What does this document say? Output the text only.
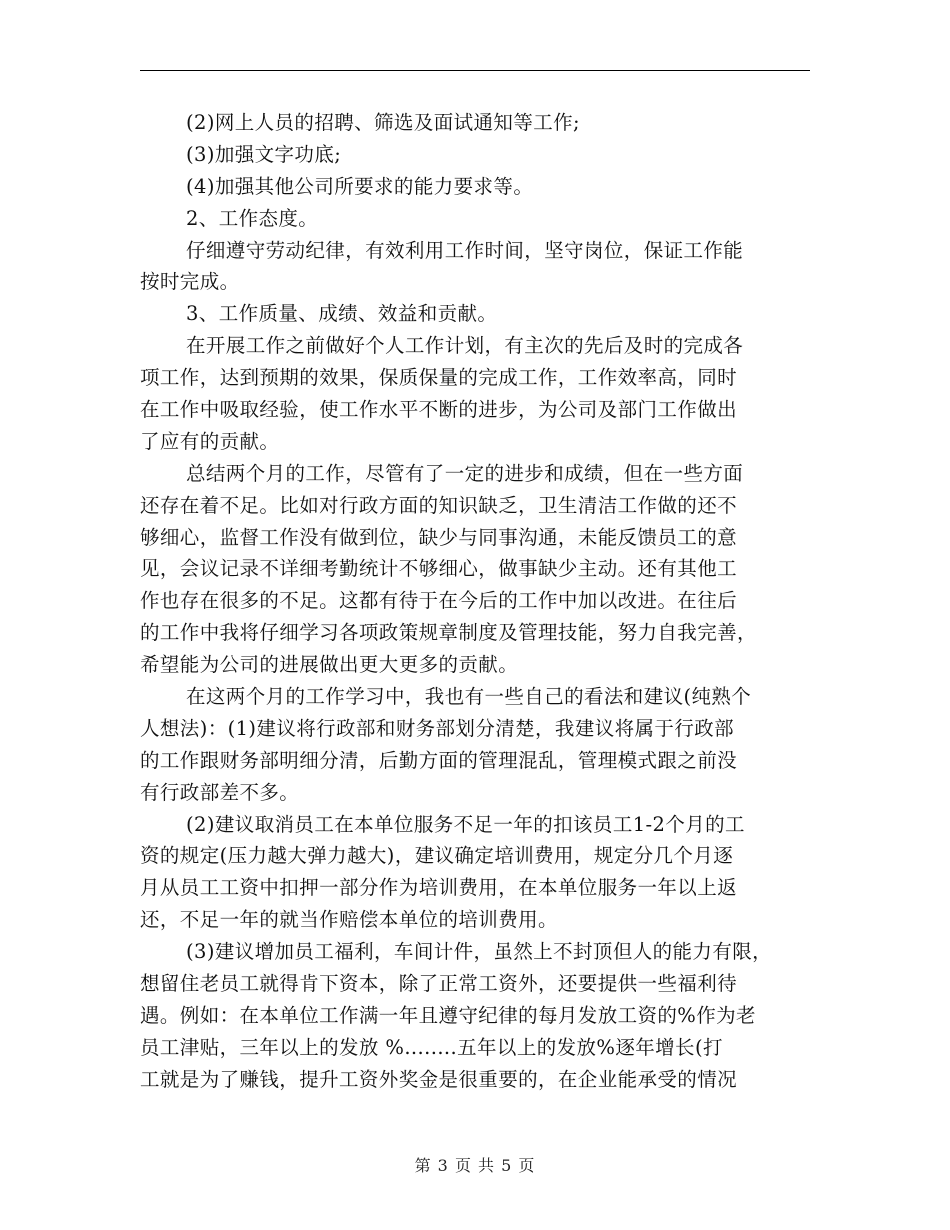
(2)网上人员的招聘、筛选及面试通知等工作;
(3)加强文字功底;
(4)加强其他公司所要求的能力要求等。
2、工作态度。
仔细遵守劳动纪律，有效利用工作时间，坚守岗位，保证工作能
按时完成。
3、工作质量、成绩、效益和贡献。
在开展工作之前做好个人工作计划，有主次的先后及时的完成各
项工作，达到预期的效果，保质保量的完成工作，工作效率高，同时
在工作中吸取经验，使工作水平不断的进步，为公司及部门工作做出
了应有的贡献。
总结两个月的工作，尽管有了一定的进步和成绩，但在一些方面
还存在着不足。比如对行政方面的知识缺乏，卫生清洁工作做的还不
够细心，监督工作没有做到位，缺少与同事沟通，未能反馈员工的意
见，会议记录不详细考勤统计不够细心，做事缺少主动。还有其他工
作也存在很多的不足。这都有待于在今后的工作中加以改进。在往后
的工作中我将仔细学习各项政策规章制度及管理技能，努力自我完善，
希望能为公司的进展做出更大更多的贡献。
在这两个月的工作学习中，我也有一些自己的看法和建议(纯熟个
人想法)：(1)建议将行政部和财务部划分清楚，我建议将属于行政部
的工作跟财务部明细分清，后勤方面的管理混乱，管理模式跟之前没
有行政部差不多。
(2)建议取消员工在本单位服务不足一年的扣该员工1-2个月的工
资的规定(压力越大弹力越大)，建议确定培训费用，规定分几个月逐
月从员工工资中扣押一部分作为培训费用，在本单位服务一年以上返
还，不足一年的就当作赔偿本单位的培训费用。
(3)建议增加员工福利，车间计件，虽然上不封顶但人的能力有限，
想留住老员工就得肯下资本，除了正常工资外，还要提供一些福利待
遇。例如：在本单位工作满一年且遵守纪律的每月发放工资的%作为老
员工津贴，三年以上的发放 %........五年以上的发放%逐年增长(打
工就是为了赚钱，提升工资外奖金是很重要的，在企业能承受的情况
第 3 页 共 5 页
